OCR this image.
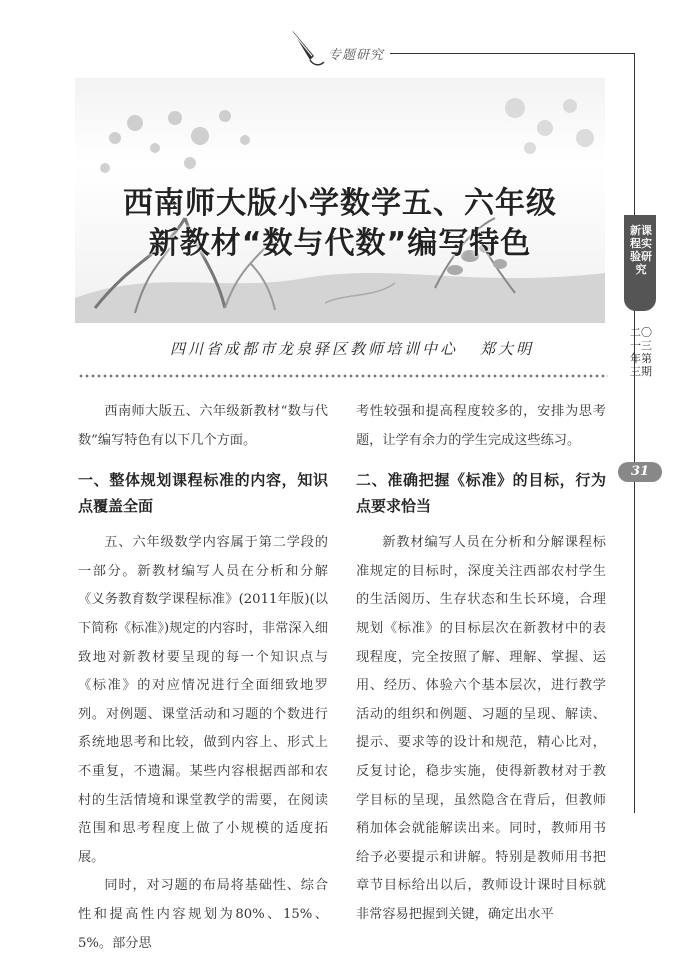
专题研究
西南师大版小学数学五、六年级
新教材“数与代数”编写特色
四川省成都市龙泉驿区教师培训中心 郑大明
新课程实验研究
二〇一三年第三期
31

西南师大版五、六年级新教材“数与代数”编写特色有以下几个方面。

一、整体规划课程标准的内容，知识点覆盖全面

五、六年级数学内容属于第二学段的一部分。新教材编写人员在分析和分解《义务教育数学课程标准》(2011年版)(以下简称《标准》)规定的内容时，非常深入细致地对新教材要呈现的每一个知识点与《标准》的对应情况进行全面细致地罗列。对例题、课堂活动和习题的个数进行系统地思考和比较，做到内容上、形式上不重复，不遗漏。某些内容根据西部和农村的生活情境和课堂教学的需要，在阅读范围和思考程度上做了小规模的适度拓展。

同时，对习题的布局将基础性、综合性和提高性内容规划为80%、15%、5%。部分思

考性较强和提高程度较多的，安排为思考题，让学有余力的学生完成这些练习。

二、准确把握《标准》的目标，行为点要求恰当

新教材编写人员在分析和分解课程标准规定的目标时，深度关注西部农村学生的生活阅历、生存状态和生长环境，合理规划《标准》的目标层次在新教材中的表现程度，完全按照了解、理解、掌握、运用、经历、体验六个基本层次，进行教学活动的组织和例题、习题的呈现、解读、提示、要求等的设计和规范，精心比对，反复讨论，稳步实施，使得新教材对于教学目标的呈现，虽然隐含在背后，但教师稍加体会就能解读出来。同时，教师用书给予必要提示和讲解。特别是教师用书把章节目标给出以后，教师设计课时目标就非常容易把握到关键，确定出水平
